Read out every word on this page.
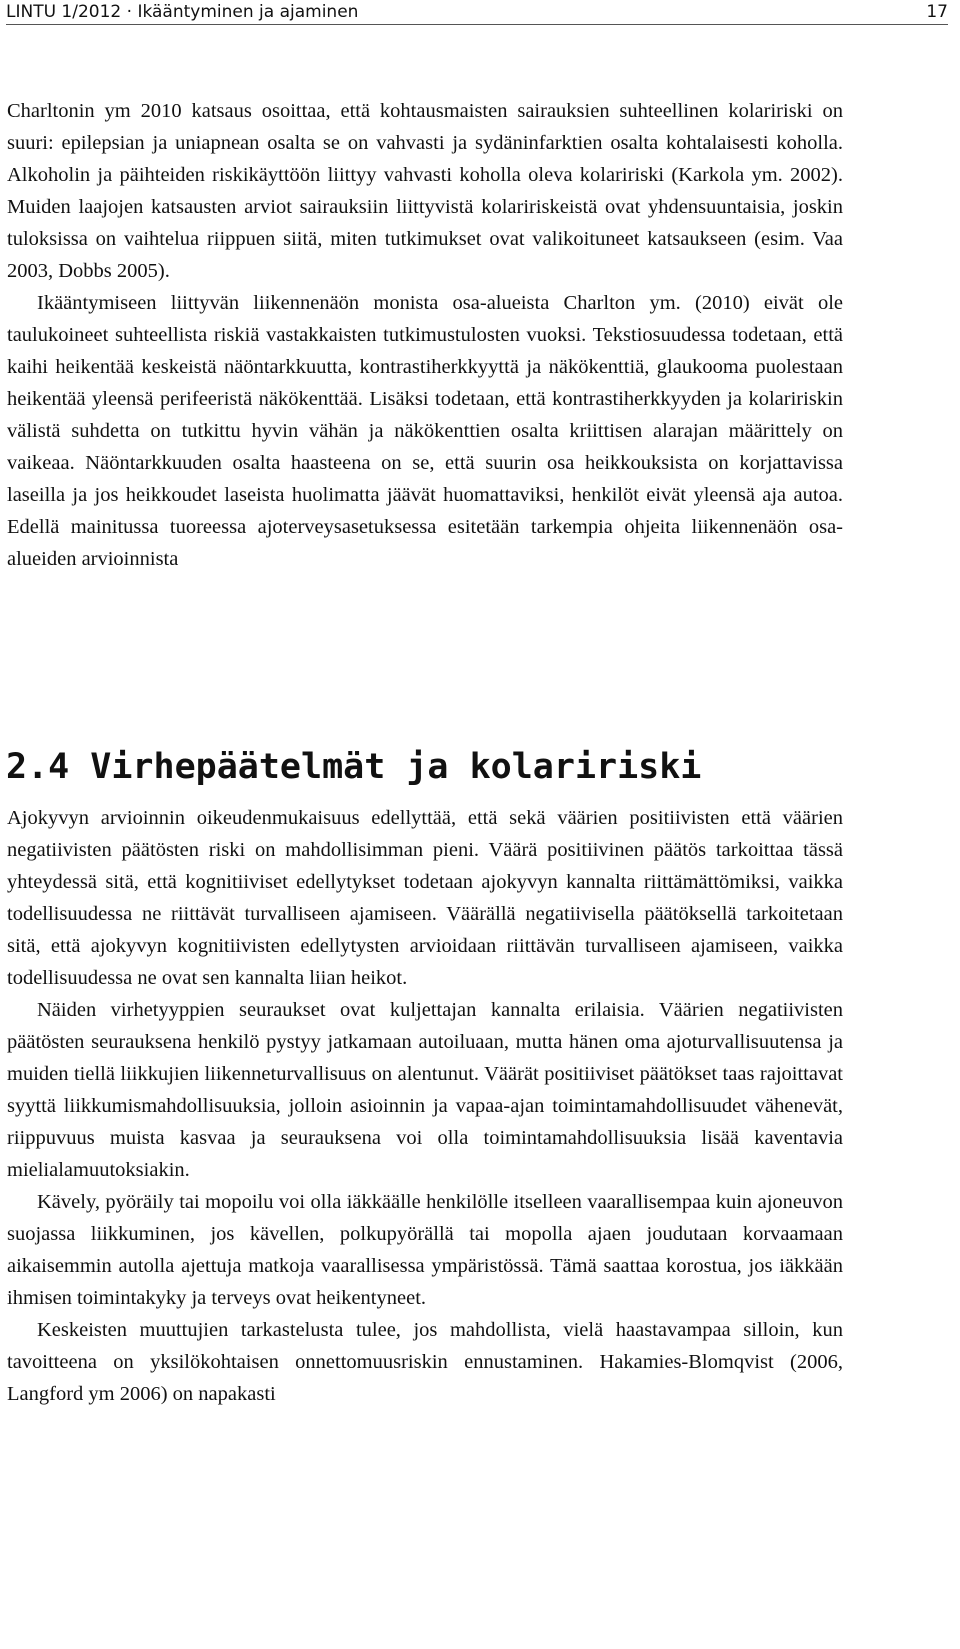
LINTU 1/2012 · Ikääntyminen ja ajaminen	17

Charltonin ym 2010 katsaus osoittaa, että kohtausmaisten sairauksien suhteellinen kolaririski on suuri: epilepsian ja uniapnean osalta se on vahvasti ja sydäninfarktien osalta kohtalaisesti koholla. Alkoholin ja päihteiden riskikäyttöön liittyy vahvasti koholla oleva kolaririski (Karkola ym. 2002). Muiden laajojen katsausten arviot sairauksiin liittyvistä kolaririskeistä ovat yhdensuuntaisia, joskin tuloksissa on vaihtelua riippuen siitä, miten tutkimukset ovat valikoituneet katsaukseen (esim. Vaa 2003, Dobbs 2005).

Ikääntymiseen liittyvän liikennenäön monista osa-alueista Charlton ym. (2010) eivät ole taulukoineet suhteellista riskiä vastakkaisten tutkimustulosten vuoksi. Tekstiosuudessa todetaan, että kaihi heikentää keskeistä näöntarkkuutta, kontrastiherkkyyttä ja näkökenttiä, glaukooma puolestaan heikentää yleensä perifeeristä näkökenttää. Lisäksi todetaan, että kontrastiherkkyyden ja kolaririskin välistä suhdetta on tutkittu hyvin vähän ja näkökenttien osalta kriittisen alarajan määrittely on vaikeaa. Näöntarkkuuden osalta haasteena on se, että suurin osa heikkouksista on korjattavissa laseilla ja jos heikkoudet laseista huolimatta jäävät huomattaviksi, henkilöt eivät yleensä aja autoa. Edellä mainitussa tuoreessa ajoterveysasetuksessa esitetään tarkempia ohjeita liikennenäön osa-alueiden arvioinnista

2.4 Virhepäätelmät ja kolaririski

Ajokyvyn arvioinnin oikeudenmukaisuus edellyttää, että sekä väärien positiivisten että väärien negatiivisten päätösten riski on mahdollisimman pieni. Väärä positiivinen päätös tarkoittaa tässä yhteydessä sitä, että kognitiiviset edellytykset todetaan ajokyvyn kannalta riittämättömiksi, vaikka todellisuudessa ne riittävät turvalliseen ajamiseen. Väärällä negatiivisella päätöksellä tarkoitetaan sitä, että ajokyvyn kognitiivisten edellytysten arvioidaan riittävän turvalliseen ajamiseen, vaikka todellisuudessa ne ovat sen kannalta liian heikot.

Näiden virhetyyppien seuraukset ovat kuljettajan kannalta erilaisia. Väärien negatiivisten päätösten seurauksena henkilö pystyy jatkamaan autoiluaan, mutta hänen oma ajoturvallisuutensa ja muiden tiellä liikkujien liikenneturvallisuus on alentunut. Väärät positiiviset päätökset taas rajoittavat syyttä liikkumismahdollisuuksia, jolloin asioinnin ja vapaa-ajan toimintamahdollisuudet vähenevät, riippuvuus muista kasvaa ja seurauksena voi olla toimintamahdollisuuksia lisää kaventavia mielialamuutoksiakin.

Kävely, pyöräily tai mopoilu voi olla iäkkäälle henkilölle itselleen vaarallisempaa kuin ajoneuvon suojassa liikkuminen, jos kävellen, polkupyörällä tai mopolla ajaen joudutaan korvaamaan aikaisemmin autolla ajettuja matkoja vaarallisessa ympäristössä. Tämä saattaa korostua, jos iäkkään ihmisen toimintakyky ja terveys ovat heikentyneet.

Keskeisten muuttujien tarkastelusta tulee, jos mahdollista, vielä haastavampaa silloin, kun tavoitteena on yksilökohtaisen onnettomuusriskin ennustaminen. Hakamies-Blomqvist (2006, Langford ym 2006) on napakasti
